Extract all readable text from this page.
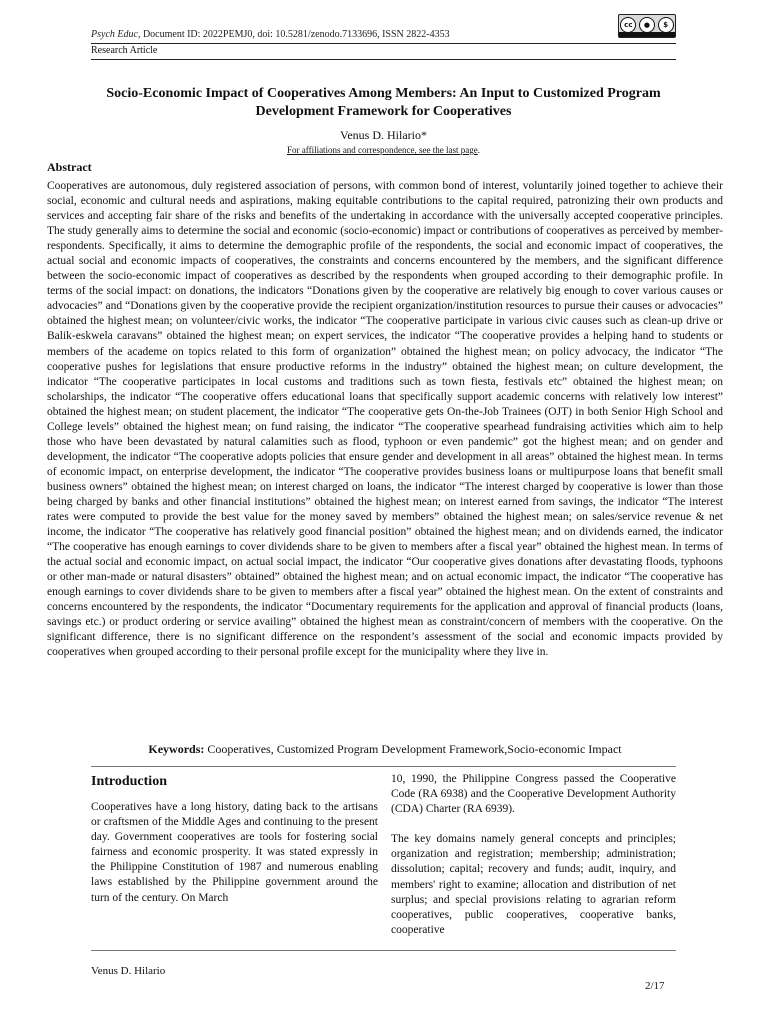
Psych Educ, Document ID: 2022PEMJ0, doi: 10.5281/zenodo.7133696, ISSN 2822-4353
cc	●	$
Research Article
Socio-Economic Impact of Cooperatives Among Members: An Input to Customized Program Development Framework for Cooperatives
Venus D. Hilario*
For affiliations and correspondence, see the last page.
Abstract
Cooperatives are autonomous, duly registered association of persons, with common bond of interest, voluntarily joined together to achieve their social, economic and cultural needs and aspirations, making equitable contributions to the capital required, patronizing their own products and services and accepting fair share of the risks and benefits of the undertaking in accordance with the universally accepted cooperative principles. The study generally aims to determine the social and economic (socio-economic) impact or contributions of cooperatives as perceived by member-respondents. Specifically, it aims to determine the demographic profile of the respondents, the social and economic impact of cooperatives, the actual social and economic impacts of cooperatives, the constraints and concerns encountered by the members, and the significant difference between the socio-economic impact of cooperatives as described by the respondents when grouped according to their demographic profile. In terms of the social impact: on donations, the indicators “Donations given by the cooperative are relatively big enough to cover various causes or advocacies” and “Donations given by the cooperative provide the recipient organization/institution resources to pursue their causes or advocacies” obtained the highest mean; on volunteer/civic works, the indicator “The cooperative participate in various civic causes such as clean-up drive or Balik-eskwela caravans” obtained the highest mean; on expert services, the indicator “The cooperative provides a helping hand to students or members of the academe on topics related to this form of organization” obtained the highest mean; on policy advocacy, the indicator “The cooperative pushes for legislations that ensure productive reforms in the industry” obtained the highest mean; on culture development, the indicator “The cooperative participates in local customs and traditions such as town fiesta, festivals etc” obtained the highest mean; on scholarships, the indicator “The cooperative offers educational loans that specifically support academic concerns with relatively low interest” obtained the highest mean; on student placement, the indicator “The cooperative gets On-the-Job Trainees (OJT) in both Senior High School and College levels” obtained the highest mean; on fund raising, the indicator “The cooperative spearhead fundraising activities which aim to help those who have been devastated by natural calamities such as flood, typhoon or even pandemic” got the highest mean; and on gender and development, the indicator “The cooperative adopts policies that ensure gender and development in all areas” obtained the highest mean. In terms of economic impact, on enterprise development, the indicator “The cooperative provides business loans or multipurpose loans that benefit small business owners” obtained the highest mean; on interest charged on loans, the indicator “The interest charged by cooperative is lower than those being charged by banks and other financial institutions” obtained the highest mean; on interest earned from savings, the indicator “The interest rates were computed to provide the best value for the money saved by members” obtained the highest mean; on sales/service revenue & net income, the indicator “The cooperative has relatively good financial position” obtained the highest mean; and on dividends earned, the indicator “The cooperative has enough earnings to cover dividends share to be given to members after a fiscal year” obtained the highest mean. In terms of the actual social and economic impact, on actual social impact, the indicator “Our cooperative gives donations after devastating floods, typhoons or other man-made or natural disasters” obtained” obtained the highest mean; and on actual economic impact, the indicator “The cooperative has enough earnings to cover dividends share to be given to members after a fiscal year” obtained the highest mean. On the extent of constraints and concerns encountered by the respondents, the indicator “Documentary requirements for the application and approval of financial products (loans, savings etc.) or product ordering or service availing” obtained the highest mean as constraint/concern of members with the cooperative. On the significant difference, there is no significant difference on the respondent’s assessment of the social and economic impacts provided by cooperatives when grouped according to their personal profile except for the municipality where they live in.
Keywords: Cooperatives, Customized Program Development Framework,Socio-economic Impact
Introduction

Cooperatives have a long history, dating back to the artisans or craftsmen of the Middle Ages and continuing to the present day. Government cooperatives are tools for fostering social fairness and economic prosperity. It was stated expressly in the Philippine Constitution of 1987 and numerous enabling laws established by the Philippine government around the turn of the century. On March

10, 1990, the Philippine Congress passed the Cooperative Code (RA 6938) and the Cooperative Development Authority (CDA) Charter (RA 6939).

The key domains namely general concepts and principles; organization and registration; membership; administration; dissolution; capital; recovery and funds; audit, inquiry, and members' right to examine; allocation and distribution of net surplus; and special provisions relating to agrarian reform cooperatives, public cooperatives, cooperative banks, cooperative

Venus D. Hilario
2/17
